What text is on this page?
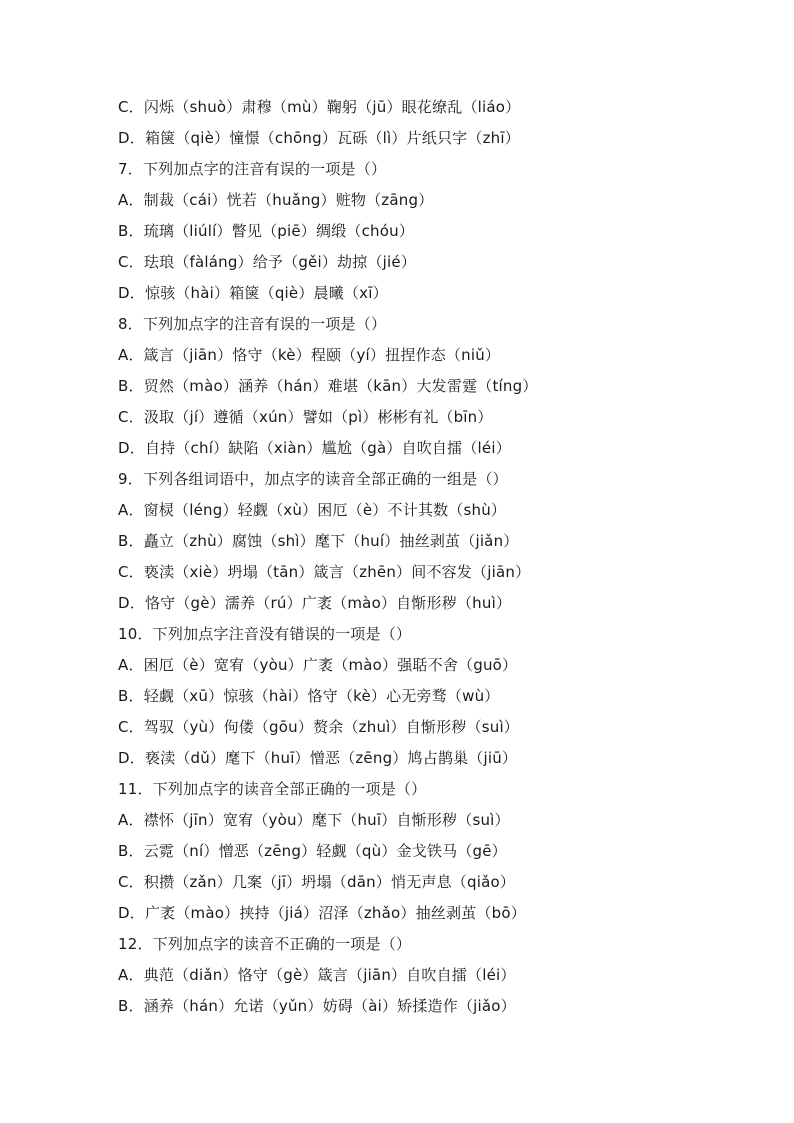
C．闪烁（shuò）肃穆（mù）鞠躬（jū）眼花缭乱（liáo）
D．箱箧（qiè）憧憬（chōng）瓦砾（lì）片纸只字（zhī）
7．下列加点字的注音有误的一项是（）
A．制裁（cái）恍若（huǎng）赃物（zāng）
B．琉璃（liúlí）瞥见（piē）绸缎（chóu）
C．珐琅（fàláng）给予（gěi）劫掠（jié）
D．惊骇（hài）箱箧（qiè）晨曦（xī）
8．下列加点字的注音有误的一项是（）
A．箴言（jiān）恪守（kè）程颐（yí）扭捏作态（niǔ）
B．贸然（mào）涵养（hán）难堪（kān）大发雷霆（tíng）
C．汲取（jí）遵循（xún）譬如（pì）彬彬有礼（bīn）
D．自持（chí）缺陷（xiàn）尴尬（gà）自吹自擂（léi）
9．下列各组词语中，加点字的读音全部正确的一组是（）
A．窗棂（léng）轻觑（xù）困厄（è）不计其数（shù）
B．矗立（zhù）腐蚀（shì）麾下（huí）抽丝剥茧（jiǎn）
C．亵渎（xiè）坍塌（tān）箴言（zhēn）间不容发（jiān）
D．恪守（gè）濡养（rú）广袤（mào）自惭形秽（huì）
10．下列加点字注音没有错误的一项是（）
A．困厄（è）宽宥（yòu）广袤（mào）强聒不舍（guō）
B．轻觑（xū）惊骇（hài）恪守（kè）心无旁骛（wù）
C．驾驭（yù）佝偻（gōu）赘余（zhuì）自惭形秽（suì）
D．亵渎（dǔ）麾下（huī）憎恶（zēng）鸠占鹊巢（jiū）
11．下列加点字的读音全部正确的一项是（）
A．襟怀（jīn）宽宥（yòu）麾下（huī）自惭形秽（suì）
B．云霓（ní）憎恶（zēng）轻觑（qù）金戈铁马（gē）
C．积攒（zǎn）几案（jī）坍塌（dān）悄无声息（qiǎo）
D．广袤（mào）挟持（jiá）沼泽（zhǎo）抽丝剥茧（bō）
12．下列加点字的读音不正确的一项是（）
A．典范（diǎn）恪守（gè）箴言（jiān）自吹自擂（léi）
B．涵养（hán）允诺（yǔn）妨碍（ài）矫揉造作（jiǎo）
